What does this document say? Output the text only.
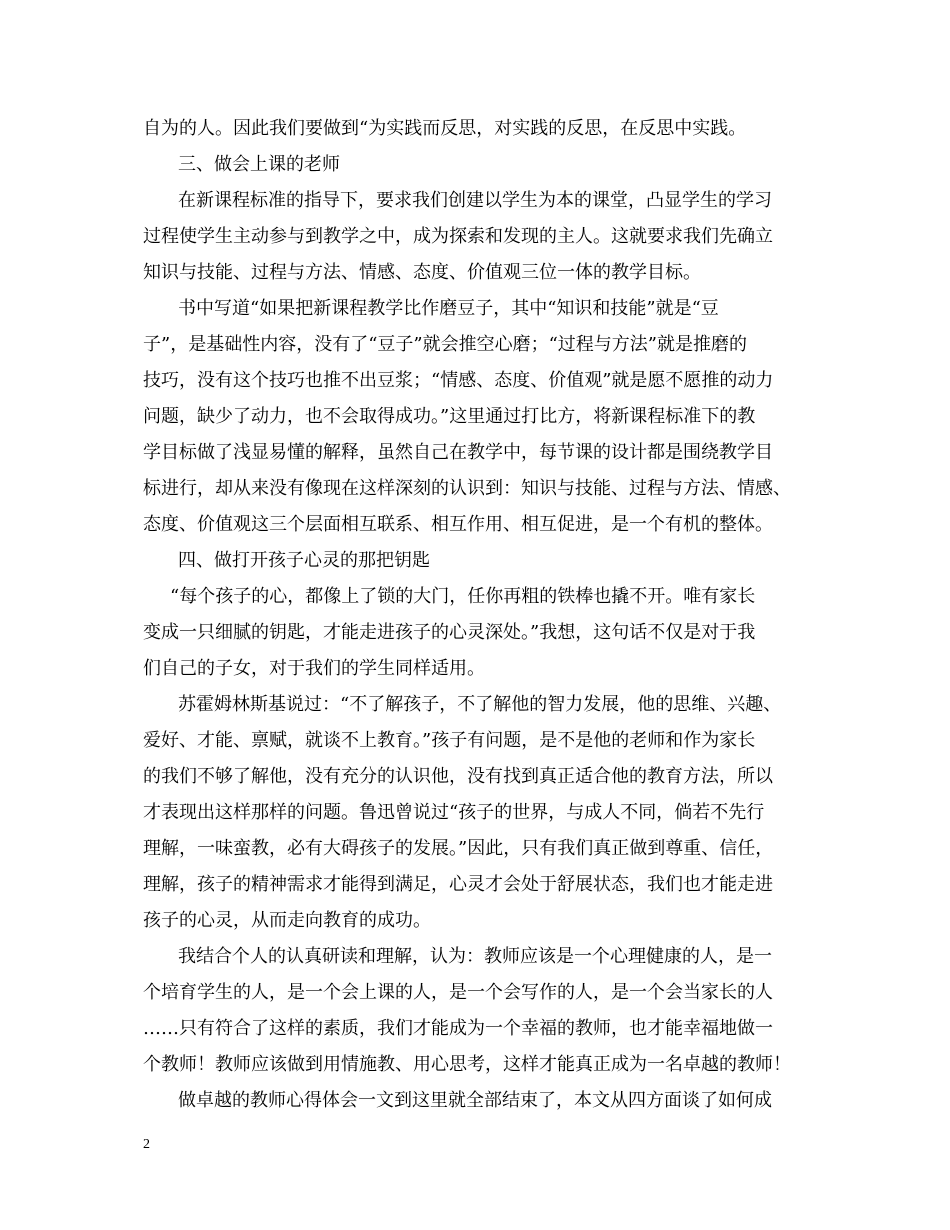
自为的人。因此我们要做到“为实践而反思，对实践的反思，在反思中实践。

三、做会上课的老师

在新课程标准的指导下，要求我们创建以学生为本的课堂，凸显学生的学习

过程使学生主动参与到教学之中，成为探索和发现的主人。这就要求我们先确立

知识与技能、过程与方法、情感、态度、价值观三位一体的教学目标。

书中写道“如果把新课程教学比作磨豆子，其中“知识和技能”就是“豆

子”，是基础性内容，没有了“豆子”就会推空心磨；“过程与方法”就是推磨的

技巧，没有这个技巧也推不出豆浆；“情感、态度、价值观”就是愿不愿推的动力

问题，缺少了动力，也不会取得成功。”这里通过打比方，将新课程标准下的教

学目标做了浅显易懂的解释，虽然自己在教学中，每节课的设计都是围绕教学目

标进行，却从来没有像现在这样深刻的认识到：知识与技能、过程与方法、情感、

态度、价值观这三个层面相互联系、相互作用、相互促进，是一个有机的整体。

四、做打开孩子心灵的那把钥匙

“每个孩子的心，都像上了锁的大门，任你再粗的铁棒也撬不开。唯有家长

变成一只细腻的钥匙，才能走进孩子的心灵深处。”我想，这句话不仅是对于我

们自己的子女，对于我们的学生同样适用。

苏霍姆林斯基说过：“不了解孩子，不了解他的智力发展，他的思维、兴趣、

爱好、才能、禀赋，就谈不上教育。”孩子有问题，是不是他的老师和作为家长

的我们不够了解他，没有充分的认识他，没有找到真正适合他的教育方法，所以

才表现出这样那样的问题。鲁迅曾说过“孩子的世界，与成人不同，倘若不先行

理解，一味蛮教，必有大碍孩子的发展。”因此，只有我们真正做到尊重、信任，

理解，孩子的精神需求才能得到满足，心灵才会处于舒展状态，我们也才能走进

孩子的心灵，从而走向教育的成功。

我结合个人的认真研读和理解，认为：教师应该是一个心理健康的人，是一

个培育学生的人，是一个会上课的人，是一个会写作的人，是一个会当家长的人

……只有符合了这样的素质，我们才能成为一个幸福的教师，也才能幸福地做一

个教师！教师应该做到用情施教、用心思考，这样才能真正成为一名卓越的教师！

做卓越的教师心得体会一文到这里就全部结束了，本文从四方面谈了如何成

2
